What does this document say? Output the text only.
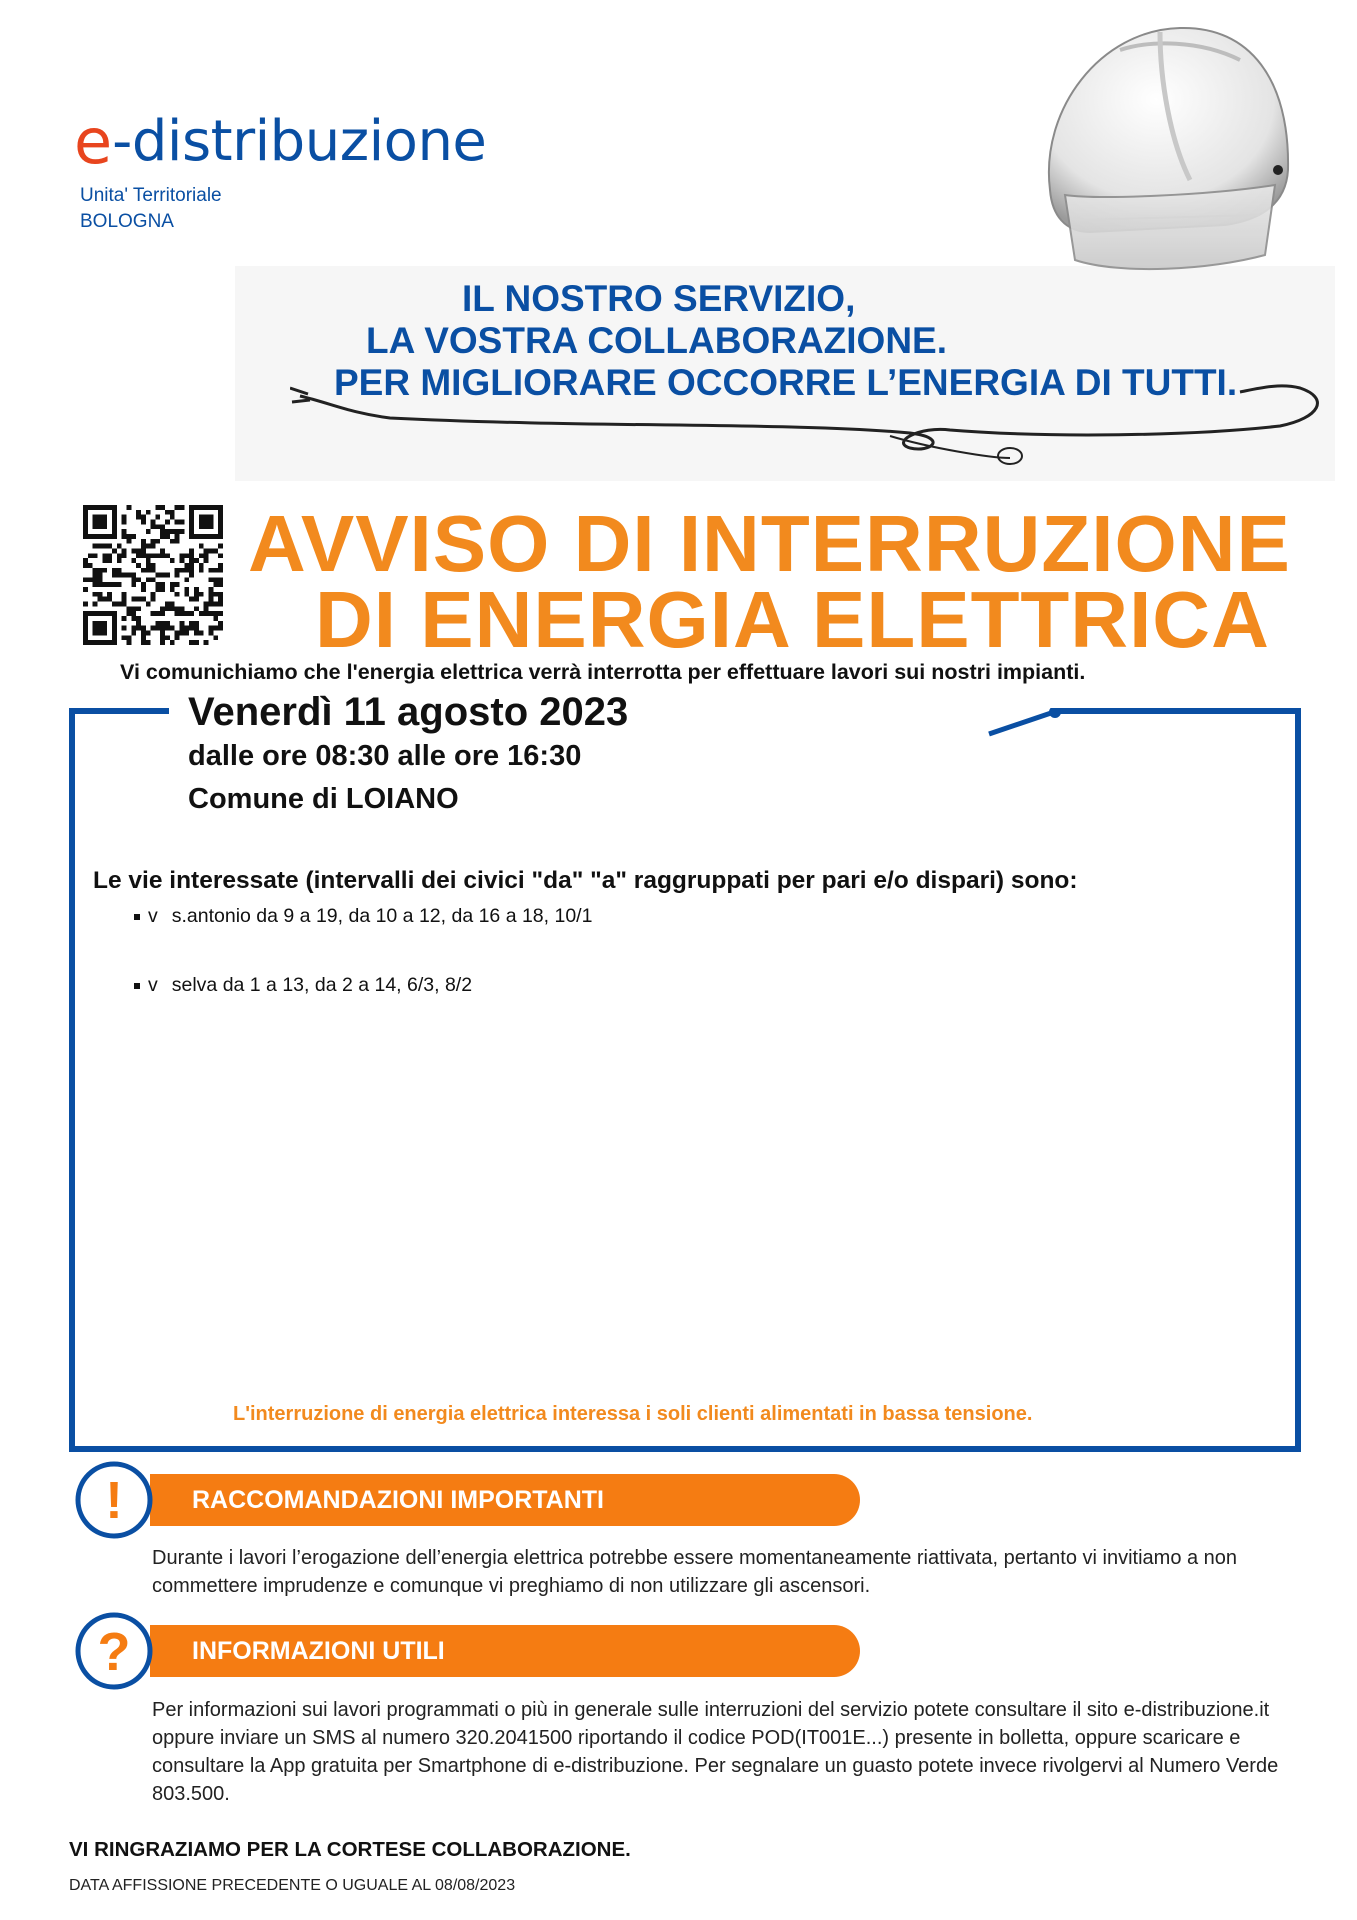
e -distribuzione
Unita' Territoriale
BOLOGNA
IL NOSTRO SERVIZIO,
LA VOSTRA COLLABORAZIONE.
PER MIGLIORARE OCCORRE L’ENERGIA DI TUTTI.
AVVISO DI INTERRUZIONE
DI ENERGIA ELETTRICA
Vi comunichiamo che l'energia elettrica verrà interrotta per effettuare lavori sui nostri impianti.
Venerdì 11 agosto 2023
dalle ore 08:30 alle ore 16:30
Comune di LOIANO
Le vie interessate (intervalli dei civici "da" "a" raggruppati per pari e/o dispari) sono:
v s.antonio da 9 a 19, da 10 a 12, da 16 a 18, 10/1
v selva da 1 a 13, da 2 a 14, 6/3, 8/2
L'interruzione di energia elettrica interessa i soli clienti alimentati in bassa tensione.
!	RACCOMANDAZIONI IMPORTANTI
Durante i lavori l’erogazione dell’energia elettrica potrebbe essere momentaneamente riattivata, pertanto vi invitiamo a non commettere imprudenze e comunque vi preghiamo di non utilizzare gli ascensori.
? INFORMAZIONI UTILI
Per informazioni sui lavori programmati o più in generale sulle interruzioni del servizio potete consultare il sito e-distribuzione.it oppure inviare un SMS al numero 320.2041500 riportando il codice POD(IT001E...) presente in bolletta, oppure scaricare e consultare la App gratuita per Smartphone di e-distribuzione. Per segnalare un guasto potete invece rivolgervi al Numero Verde 803.500.
VI RINGRAZIAMO PER LA CORTESE COLLABORAZIONE.
DATA AFFISSIONE PRECEDENTE O UGUALE AL 08/08/2023
